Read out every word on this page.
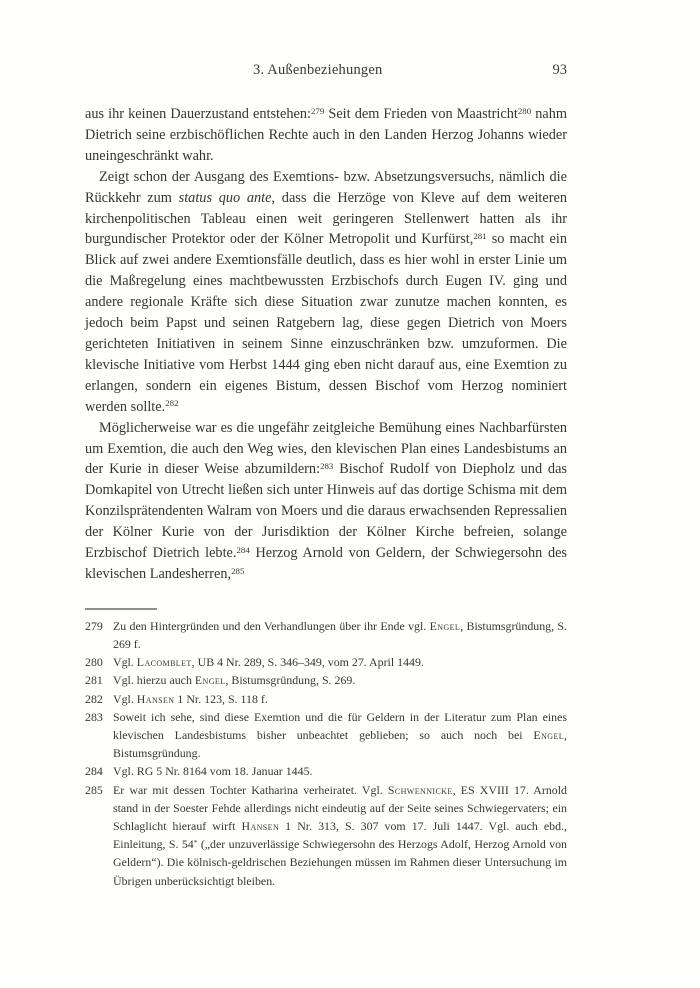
3. Außenbeziehungen	93

aus ihr keinen Dauerzustand entstehen:$^{279}$ Seit dem Frieden von Maastricht$^{280}$ nahm Dietrich seine erzbischöflichen Rechte auch in den Landen Herzog Johanns wieder uneingeschränkt wahr.

Zeigt schon der Ausgang des Exemtions- bzw. Absetzungsversuchs, nämlich die Rückkehr zum status quo ante, dass die Herzöge von Kleve auf dem weiteren kirchenpolitischen Tableau einen weit geringeren Stellenwert hatten als ihr burgundischer Protektor oder der Kölner Metropolit und Kurfürst,$^{281}$ so macht ein Blick auf zwei andere Exemtionsfälle deutlich, dass es hier wohl in erster Linie um die Maßregelung eines machtbewussten Erzbischofs durch Eugen IV. ging und andere regionale Kräfte sich diese Situation zwar zunutze machen konnten, es jedoch beim Papst und seinen Ratgebern lag, diese gegen Dietrich von Moers gerichteten Initiativen in seinem Sinne einzuschränken bzw. umzuformen. Die klevische Initiative vom Herbst 1444 ging eben nicht darauf aus, eine Exemtion zu erlangen, sondern ein eigenes Bistum, dessen Bischof vom Herzog nominiert werden sollte.$^{282}$

Möglicherweise war es die ungefähr zeitgleiche Bemühung eines Nachbarfürsten um Exemtion, die auch den Weg wies, den klevischen Plan eines Landesbistums an der Kurie in dieser Weise abzumildern:$^{283}$ Bischof Rudolf von Diepholz und das Domkapitel von Utrecht ließen sich unter Hinweis auf das dortige Schisma mit dem Konzilsprätendenten Walram von Moers und die daraus erwachsenden Repressalien der Kölner Kurie von der Jurisdiktion der Kölner Kirche befreien, solange Erzbischof Dietrich lebte.$^{284}$ Herzog Arnold von Geldern, der Schwiegersohn des klevischen Landesherren,$^{285}$

279 Zu den Hintergründen und den Verhandlungen über ihr Ende vgl. Engel, Bistumsgründung, S. 269 f.
280 Vgl. Lacomblet, UB 4 Nr. 289, S. 346–349, vom 27. April 1449.
281 Vgl. hierzu auch Engel, Bistumsgründung, S. 269.
282 Vgl. Hansen 1 Nr. 123, S. 118 f.
283 Soweit ich sehe, sind diese Exemtion und die für Geldern in der Literatur zum Plan eines klevischen Landesbistums bisher unbeachtet geblieben; so auch noch bei Engel, Bistumsgründung.
284 Vgl. RG 5 Nr. 8164 vom 18. Januar 1445.
285 Er war mit dessen Tochter Katharina verheiratet. Vgl. Schwennicke, ES XVIII 17. Arnold stand in der Soester Fehde allerdings nicht eindeutig auf der Seite seines Schwiegervaters; ein Schlaglicht hierauf wirft Hansen 1 Nr. 313, S. 307 vom 17. Juli 1447. Vgl. auch ebd., Einleitung, S. 54* („der unzuverlässige Schwiegersohn des Herzogs Adolf, Herzog Arnold von Geldern“). Die kölnisch-geldrischen Beziehungen müssen im Rahmen dieser Untersuchung im Übrigen unberücksichtigt bleiben.
